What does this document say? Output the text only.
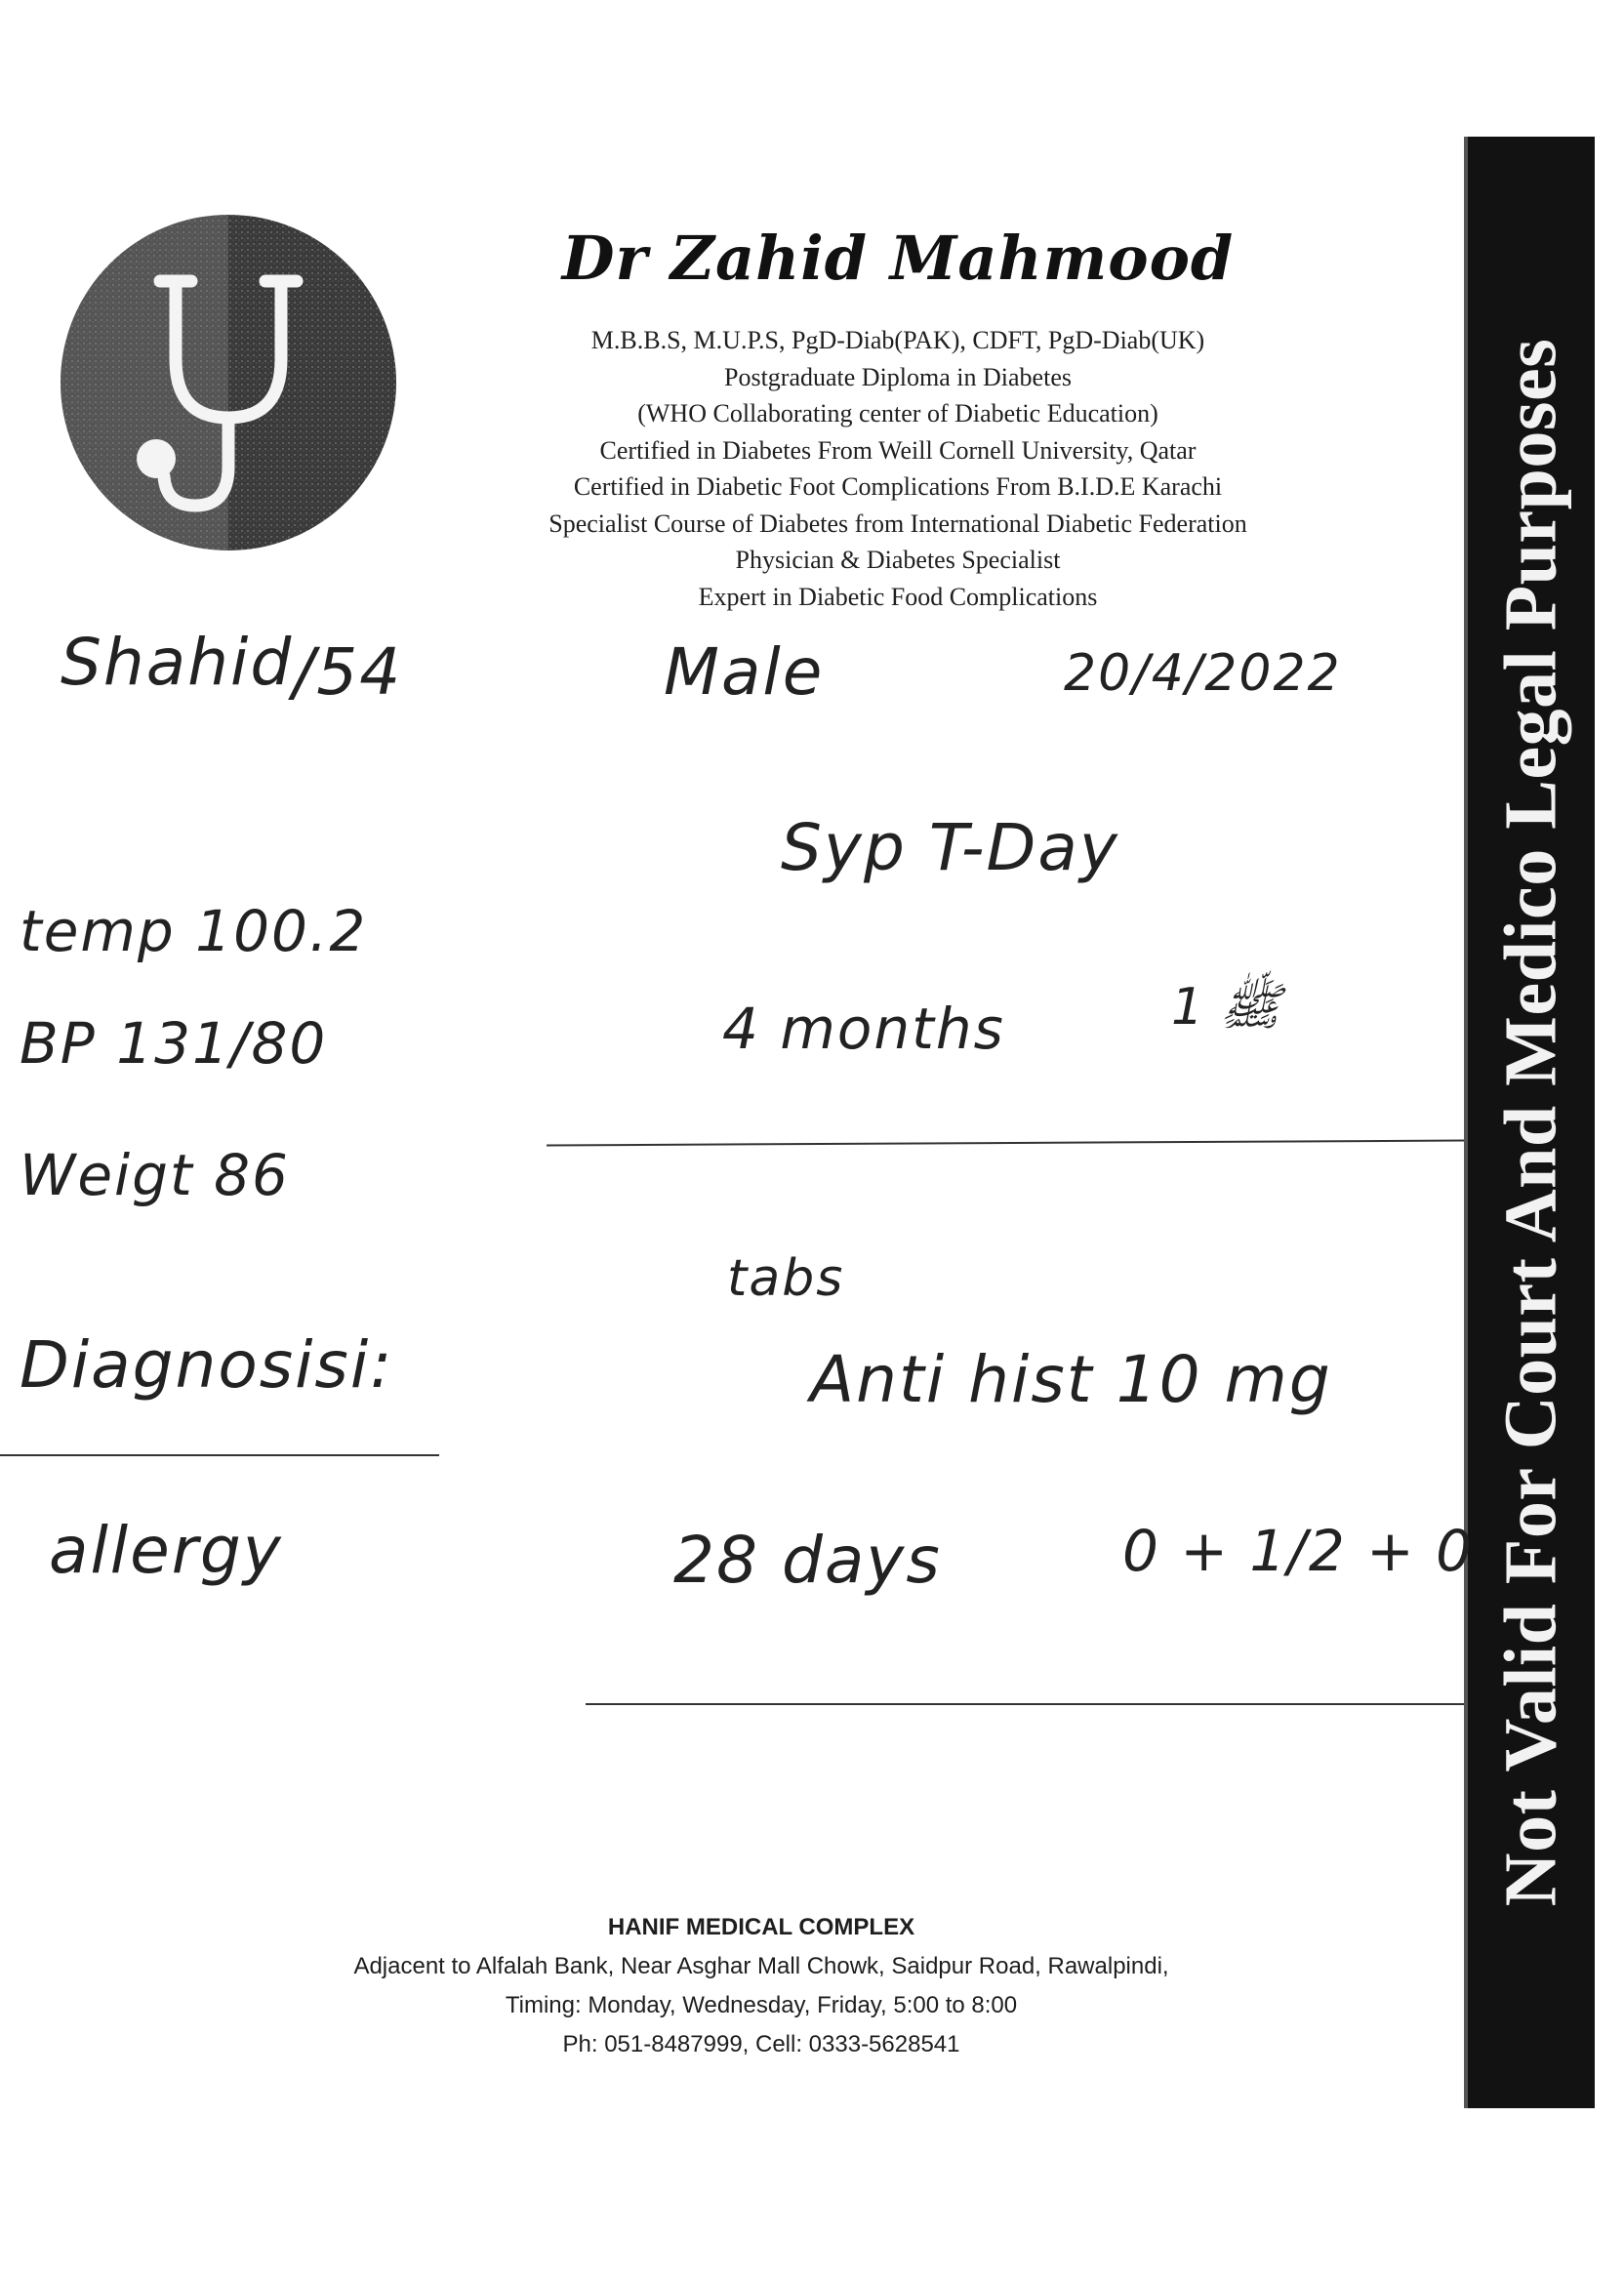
Dr Zahid Mahmood
M.B.B.S, M.U.P.S, PgD-Diab(PAK), CDFT, PgD-Diab(UK)
Postgraduate Diploma in Diabetes
(WHO Collaborating center of Diabetic Education)
Certified in Diabetes From Weill Cornell University, Qatar
Certified in Diabetic Foot Complications From B.I.D.E Karachi
Specialist Course of Diabetes from International Diabetic Federation
Physician & Diabetes Specialist
Expert in Diabetic Food Complications	Not Valid For Court And Medico Legal Purposes
Shahid /54	Male	20/4/2022
temp 100.2
BP 131/80
Weigt 86
Diagnosisi:
allergy
Syp T-Day
4 months	ﷺ 1
tabs
Anti hist 10 mg
28 days	0 + 1/2 + 0
HANIF MEDICAL COMPLEX
Adjacent to Alfalah Bank, Near Asghar Mall Chowk, Saidpur Road, Rawalpindi,
Timing: Monday, Wednesday, Friday, 5:00 to 8:00
Ph: 051-8487999, Cell: 0333-5628541
